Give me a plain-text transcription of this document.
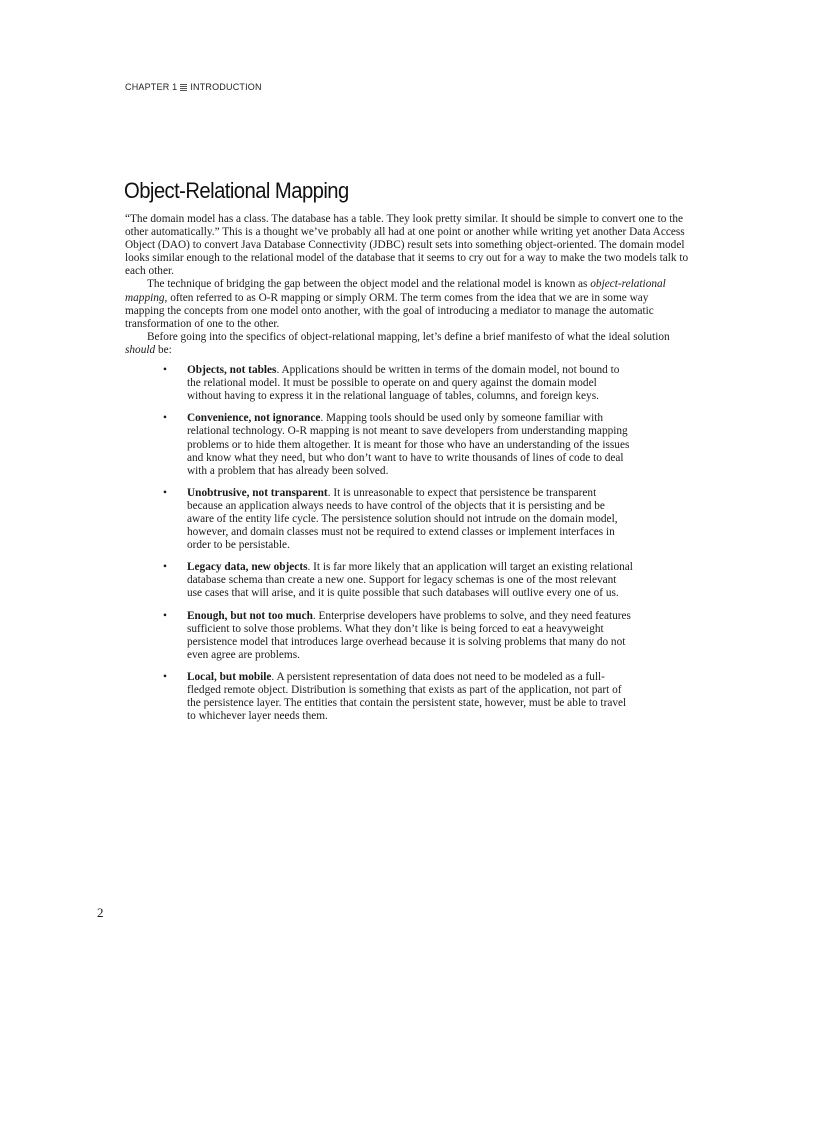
CHAPTER 1 INTRODUCTION
Object-Relational Mapping

“The domain model has a class. The database has a table. They look pretty similar. It should be simple to convert one to the other automatically.” This is a thought we’ve probably all had at one point or another while writing yet another Data Access Object (DAO) to convert Java Database Connectivity (JDBC) result sets into something object-oriented. The domain model looks similar enough to the relational model of the database that it seems to cry out for a way to make the two models talk to each other.

The technique of bridging the gap between the object model and the relational model is known as object-relational mapping, often referred to as O-R mapping or simply ORM. The term comes from the idea that we are in some way mapping the concepts from one model onto another, with the goal of introducing a mediator to manage the automatic transformation of one to the other.

Before going into the specifics of object-relational mapping, let’s define a brief manifesto of what the ideal solution should be:

• Objects, not tables. Applications should be written in terms of the domain model, not bound to the relational model. It must be possible to operate on and query against the domain model without having to express it in the relational language of tables, columns, and foreign keys.
• Convenience, not ignorance. Mapping tools should be used only by someone familiar with relational technology. O-R mapping is not meant to save developers from understanding mapping problems or to hide them altogether. It is meant for those who have an understanding of the issues and know what they need, but who don’t want to have to write thousands of lines of code to deal with a problem that has already been solved.
• Unobtrusive, not transparent. It is unreasonable to expect that persistence be transparent because an application always needs to have control of the objects that it is persisting and be aware of the entity life cycle. The persistence solution should not intrude on the domain model, however, and domain classes must not be required to extend classes or implement interfaces in order to be persistable.
• Legacy data, new objects. It is far more likely that an application will target an existing relational database schema than create a new one. Support for legacy schemas is one of the most relevant use cases that will arise, and it is quite possible that such databases will outlive every one of us.
• Enough, but not too much. Enterprise developers have problems to solve, and they need features sufficient to solve those problems. What they don’t like is being forced to eat a heavyweight persistence model that introduces large overhead because it is solving problems that many do not even agree are problems.
• Local, but mobile. A persistent representation of data does not need to be modeled as a full-fledged remote object. Distribution is something that exists as part of the application, not part of the persistence layer. The entities that contain the persistent state, however, must be able to travel to whichever layer needs them.
2
